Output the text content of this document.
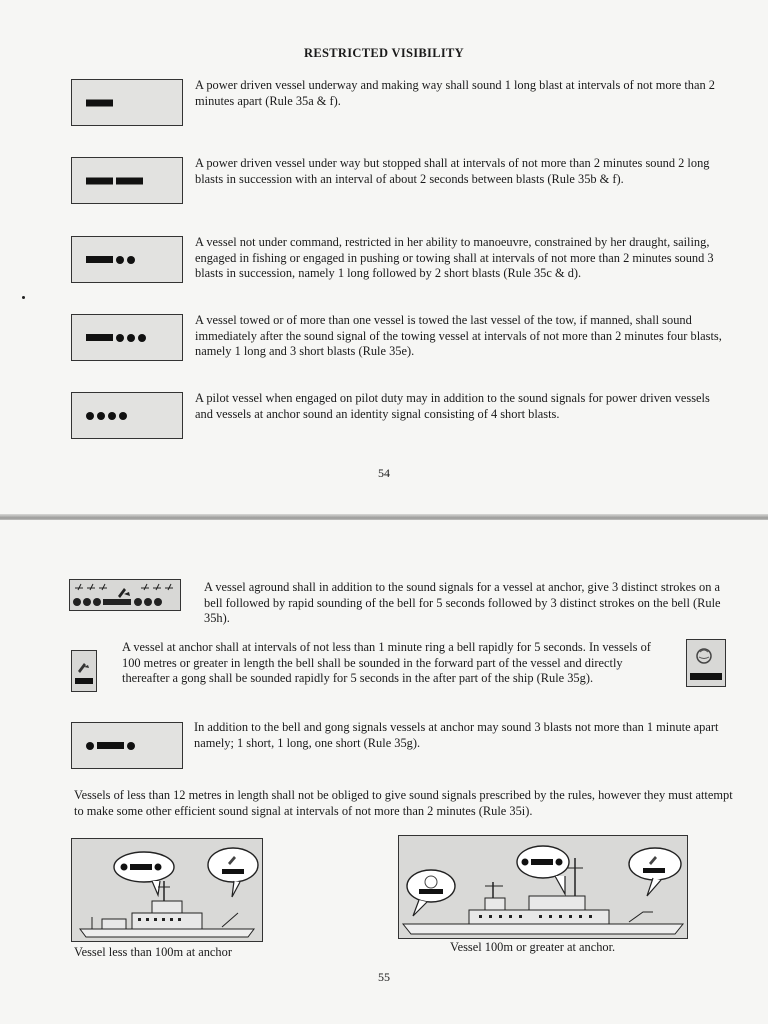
RESTRICTED VISIBILITY

A power driven vessel underway and making way shall sound 1 long blast at intervals of not more than 2 minutes apart (Rule 35a & f).

A power driven vessel under way but stopped shall at intervals of not more than 2 minutes sound 2 long blasts in succession with an interval of about 2 seconds between blasts (Rule 35b & f).

A vessel not under command, restricted in her ability to manoeuvre, constrained by her draught, sailing, engaged in fishing or engaged in pushing or towing shall at intervals of not more than 2 minutes sound 3 blasts in succession, namely 1 long followed by 2 short blasts (Rule 35c & d).

A vessel towed or of more than one vessel is towed the last vessel of the tow, if manned, shall sound immediately after the sound signal of the towing vessel at intervals of not more than 2 minutes four blasts, namely 1 long and 3 short blasts (Rule 35e).

A pilot vessel when engaged on pilot duty may in addition to the sound signals for power driven vessels and vessels at anchor sound an identity signal consisting of 4 short blasts.

54

A vessel aground shall in addition to the sound signals for a vessel at anchor, give 3 distinct strokes on a bell followed by rapid sounding of the bell for 5 seconds followed by 3 distinct strokes on the bell (Rule 35h).

A vessel at anchor shall at intervals of not less than 1 minute ring a bell rapidly for 5 seconds. In vessels of 100 metres or greater in length the bell shall be sounded in the forward part of the vessel and directly thereafter a gong shall be sounded rapidly for 5 seconds in the after part of the ship (Rule 35g).

In addition to the bell and gong signals vessels at anchor may sound 3 blasts not more than 1 minute apart namely; 1 short, 1 long, one short (Rule 35g).

Vessels of less than 12 metres in length shall not be obliged to give sound signals prescribed by the rules, however they must attempt to make some other efficient sound signal at intervals of not more than 2 minutes (Rule 35i).

Vessel less than 100m at anchor	Vessel 100m or greater at anchor.
55
